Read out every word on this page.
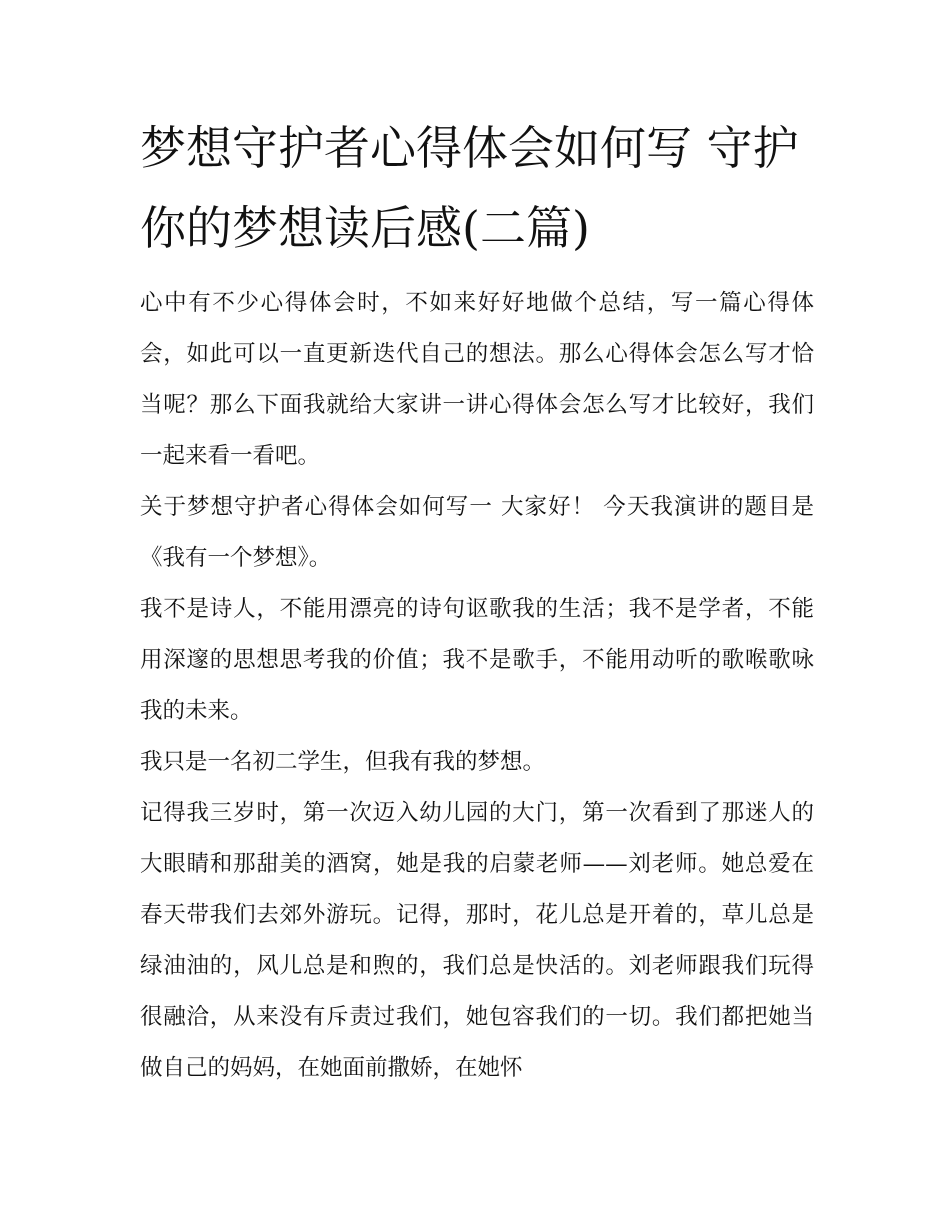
梦想守护者心得体会如何写 守护你的梦想读后感(二篇)

心中有不少心得体会时，不如来好好地做个总结，写一篇心得体会，如此可以一直更新迭代自己的想法。那么心得体会怎么写才恰当呢？那么下面我就给大家讲一讲心得体会怎么写才比较好，我们一起来看一看吧。

关于梦想守护者心得体会如何写一 大家好！ 今天我演讲的题目是《我有一个梦想》。

我不是诗人，不能用漂亮的诗句讴歌我的生活；我不是学者，不能用深邃的思想思考我的价值；我不是歌手，不能用动听的歌喉歌咏我的未来。

我只是一名初二学生，但我有我的梦想。

记得我三岁时，第一次迈入幼儿园的大门，第一次看到了那迷人的大眼睛和那甜美的酒窝，她是我的启蒙老师——刘老师。她总爱在春天带我们去郊外游玩。记得，那时，花儿总是开着的，草儿总是绿油油的，风儿总是和煦的，我们总是快活的。刘老师跟我们玩得很融洽，从来没有斥责过我们，她包容我们的一切。我们都把她当做自己的妈妈，在她面前撒娇，在她怀
